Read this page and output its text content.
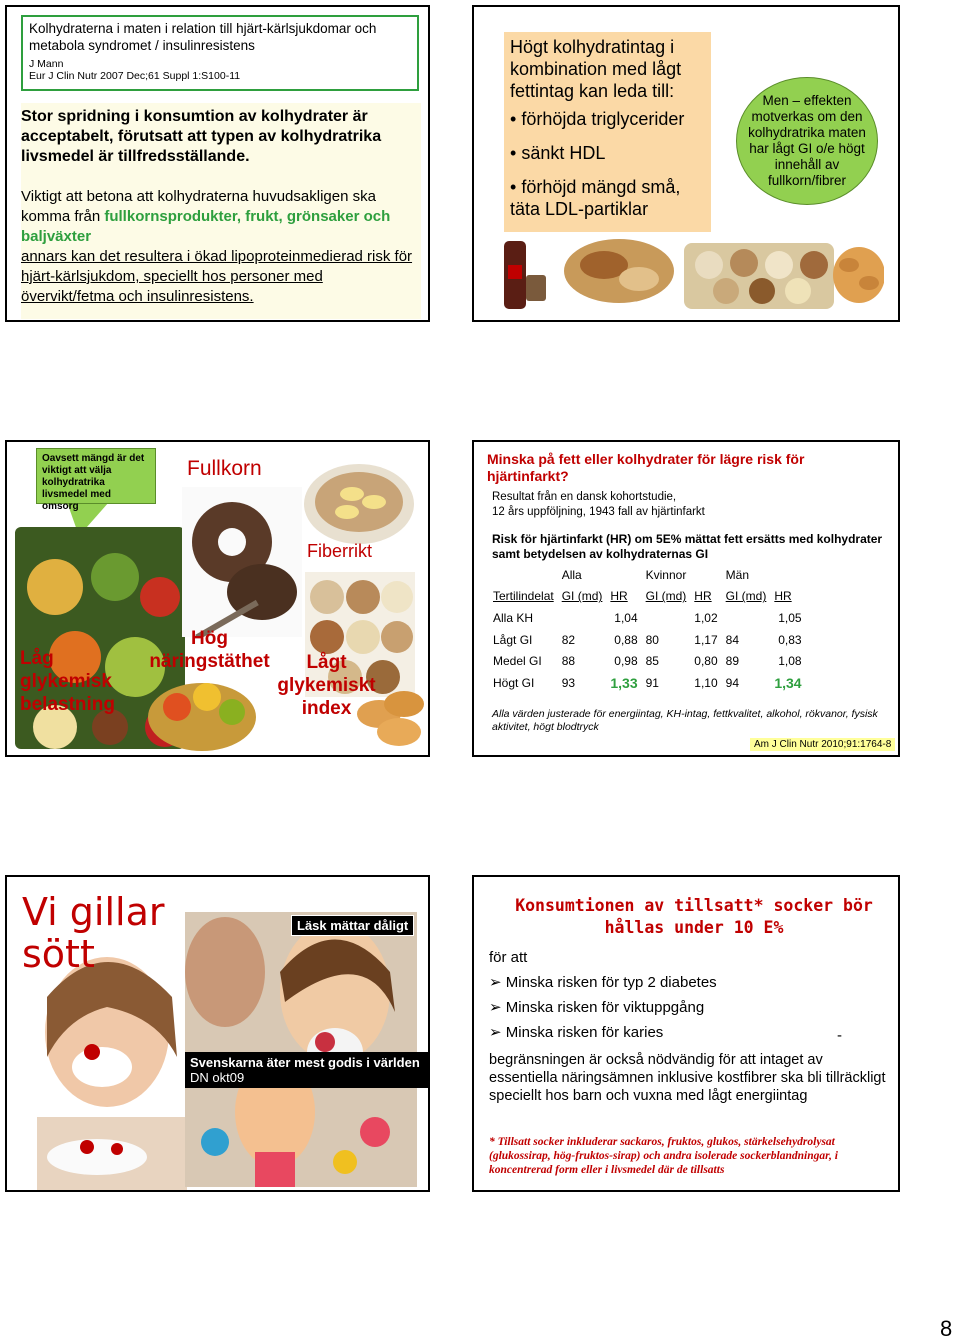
Kolhydraterna i maten i relation till hjärt-kärlsjukdomar och metabola syndromet / insulinresistens
J Mann
Eur J Clin Nutr 2007 Dec;61 Suppl 1:S100-11
Stor spridning i konsumtion av kolhydrater är acceptabelt, förutsatt att typen av kolhydratrika livsmedel är tillfredsställande.
Viktigt att betona att kolhydraterna huvudsakligen ska komma från fullkornsprodukter, frukt, grönsaker och baljväxter
annars kan det resultera i ökad lipoproteinmedierad risk för hjärt-kärlsjukdom, speciellt hos personer med övervikt/fetma och insulinresistens.
Högt kolhydratintag i kombination med lågt fettintag kan leda till:
• förhöjda triglycerider
• sänkt HDL
• förhöjd mängd små, täta LDL-partiklar
Men – effekten motverkas om den kolhydratrika maten har lågt GI o/e högt innehåll av fullkorn/fibrer
Oavsett mängd är det viktigt att välja kolhydratrika livsmedel med omsorg
Fullkorn
Fiberrikt
Hög näringstäthet
Låg glykemisk belastning
Lågt glykemiskt index
Minska på fett eller kolhydrater för lägre risk för hjärtinfarkt?
Resultat från en dansk kohortstudie,
12 års uppföljning, 1943 fall av hjärtinfarkt
Risk för hjärtinfarkt (HR) om 5E% mättat fett ersätts med kolhydrater samt betydelsen av kolhydraternas GI
	Alla		Kvinnor		Män	
Tertilindelat	GI (md)	HR	GI (md)	HR	GI (md)	HR
Alla KH		1,04		1,02		1,05
Lågt GI	82	0,88	80	1,17	84	0,83
Medel GI	88	0,98	85	0,80	89	1,08
Högt GI	93	1,33	91	1,10	94	1,34
Alla värden justerade för energiintag, KH-intag, fettkvalitet, alkohol, rökvanor, fysisk aktivitet, högt blodtryck
Am J Clin Nutr 2010;91:1764-8
Vi gillar sött
Läsk mättar dåligt
Svenskarna äter mest godis i världen DN okt09
Konsumtionen av tillsatt* socker bör hållas under 10 E%
för att
➢ Minska risken för typ 2 diabetes
➢ Minska risken för viktuppgång
➢ Minska risken för karies	-
begränsningen är också nödvändig för att intaget av essentiella näringsämnen inklusive kostfibrer ska bli tillräckligt speciellt hos barn och vuxna med lågt energiintag
* Tillsatt socker inkluderar sackaros, fruktos, glukos, stärkelsehydrolysat (glukossirap, hög-fruktos-sirap) och andra isolerade sockerblandningar, i koncentrerad form eller i livsmedel där de tillsatts
8
